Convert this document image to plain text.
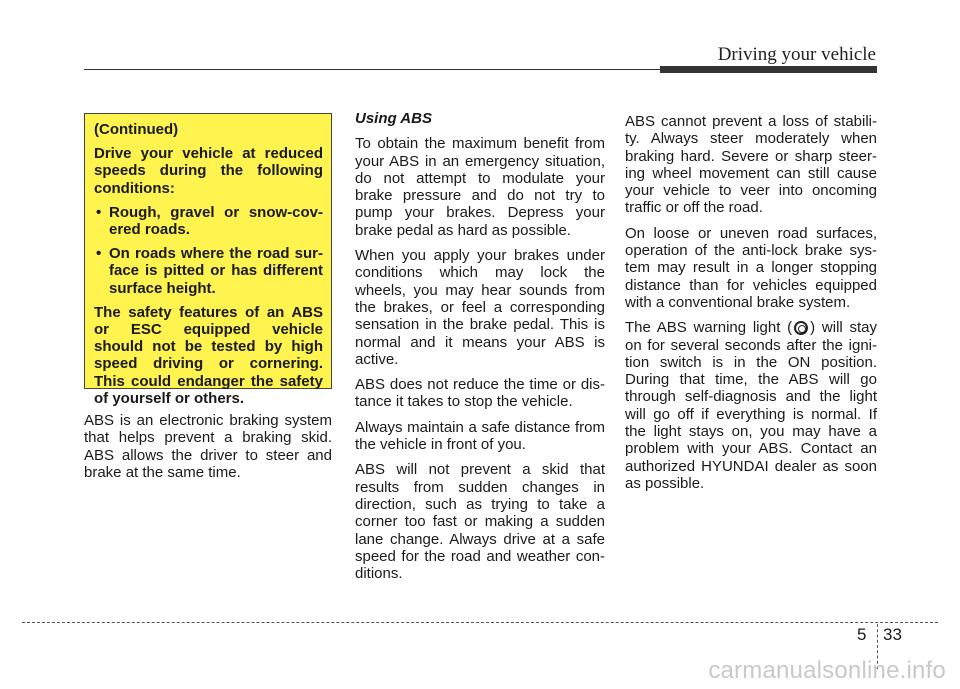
Driving your vehicle

(Continued)

Drive your vehicle at reduced speeds during the following conditions:

• Rough, gravel or snow-cov-ered roads.
• On roads where the road sur-face is pitted or has different surface height.

The safety features of an ABS or ESC equipped vehicle should not be tested by high speed driving or cornering. This could endanger the safety of yourself or others.

ABS is an electronic braking system that helps prevent a braking skid. ABS allows the driver to steer and brake at the same time.

Using ABS

To obtain the maximum benefit from your ABS in an emergency situation, do not attempt to modulate your brake pressure and do not try to pump your brakes. Depress your brake pedal as hard as possible.

When you apply your brakes under conditions which may lock the wheels, you may hear sounds from the brakes, or feel a corresponding sensation in the brake pedal. This is normal and it means your ABS is active.

ABS does not reduce the time or dis-tance it takes to stop the vehicle.

Always maintain a safe distance from the vehicle in front of you.

ABS will not prevent a skid that results from sudden changes in direction, such as trying to take a corner too fast or making a sudden lane change. Always drive at a safe speed for the road and weather con-ditions.

ABS cannot prevent a loss of stabili-ty. Always steer moderately when braking hard. Severe or sharp steer-ing wheel movement can still cause your vehicle to veer into oncoming traffic or off the road.

On loose or uneven road surfaces, operation of the anti-lock brake sys-tem may result in a longer stopping distance than for vehicles equipped with a conventional brake system.

The ABS warning light ( ) will stay on for several seconds after the igni-tion switch is in the ON position. During that time, the ABS will go through self-diagnosis and the light will go off if everything is normal. If the light stays on, you may have a problem with your ABS. Contact an authorized HYUNDAI dealer as soon as possible.

5 33
carmanualsonline.info
